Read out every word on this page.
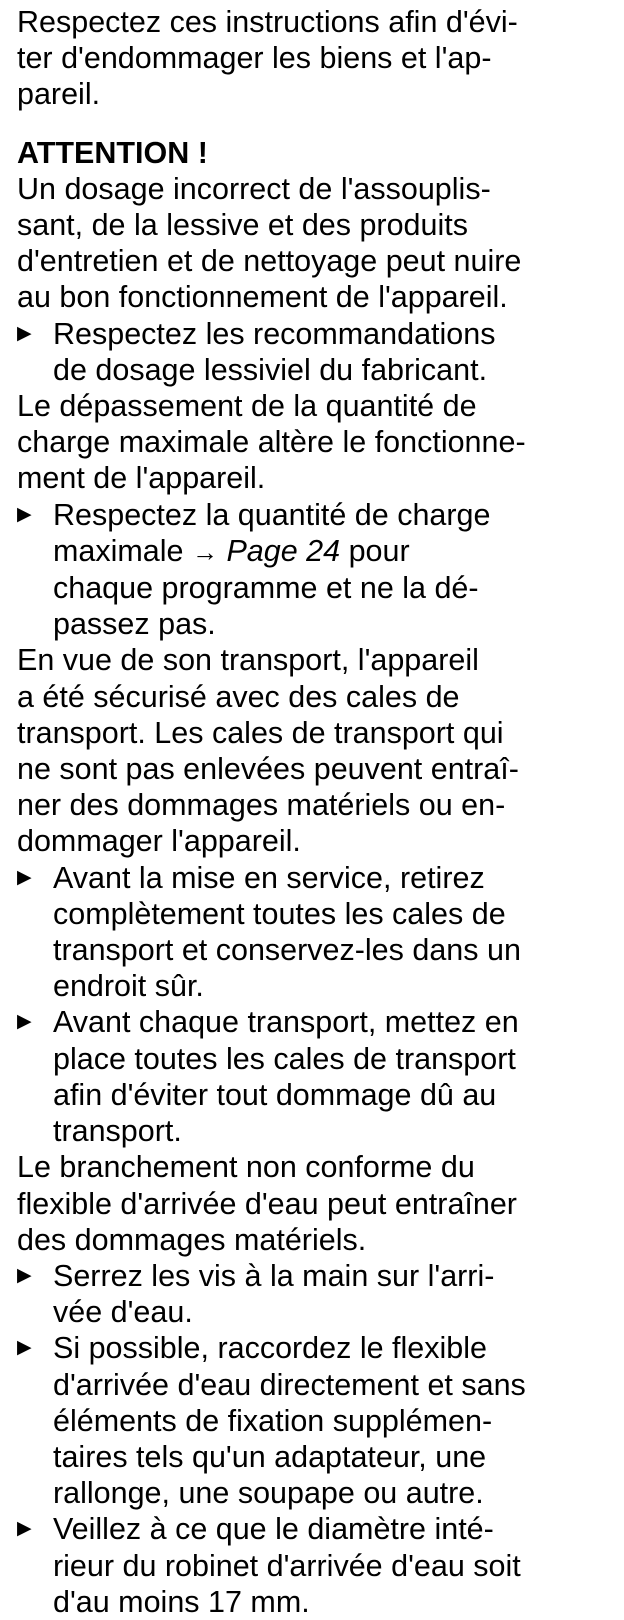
Respectez ces instructions afin d'évi-
ter d'endommager les biens et l'ap-
pareil.
ATTENTION !
Un dosage incorrect de l'assouplis-
sant, de la lessive et des produits
d'entretien et de nettoyage peut nuire
au bon fonctionnement de l'appareil.
▶ Respectez les recommandations
de dosage lessiviel du fabricant.
Le dépassement de la quantité de
charge maximale altère le fonctionne-
ment de l'appareil.
▶ Respectez la quantité de charge
maximale → Page 24 pour
chaque programme et ne la dé-
passez pas.
En vue de son transport, l'appareil
a été sécurisé avec des cales de
transport. Les cales de transport qui
ne sont pas enlevées peuvent entraî-
ner des dommages matériels ou en-
dommager l'appareil.
▶ Avant la mise en service, retirez
complètement toutes les cales de
transport et conservez-les dans un
endroit sûr.
▶ Avant chaque transport, mettez en
place toutes les cales de transport
afin d'éviter tout dommage dû au
transport.
Le branchement non conforme du
flexible d'arrivée d'eau peut entraîner
des dommages matériels.
▶ Serrez les vis à la main sur l'arri-
vée d'eau.
▶ Si possible, raccordez le flexible
d'arrivée d'eau directement et sans
éléments de fixation supplémen-
taires tels qu'un adaptateur, une
rallonge, une soupape ou autre.
▶ Veillez à ce que le diamètre inté-
rieur du robinet d'arrivée d'eau soit
d'au moins 17 mm.
